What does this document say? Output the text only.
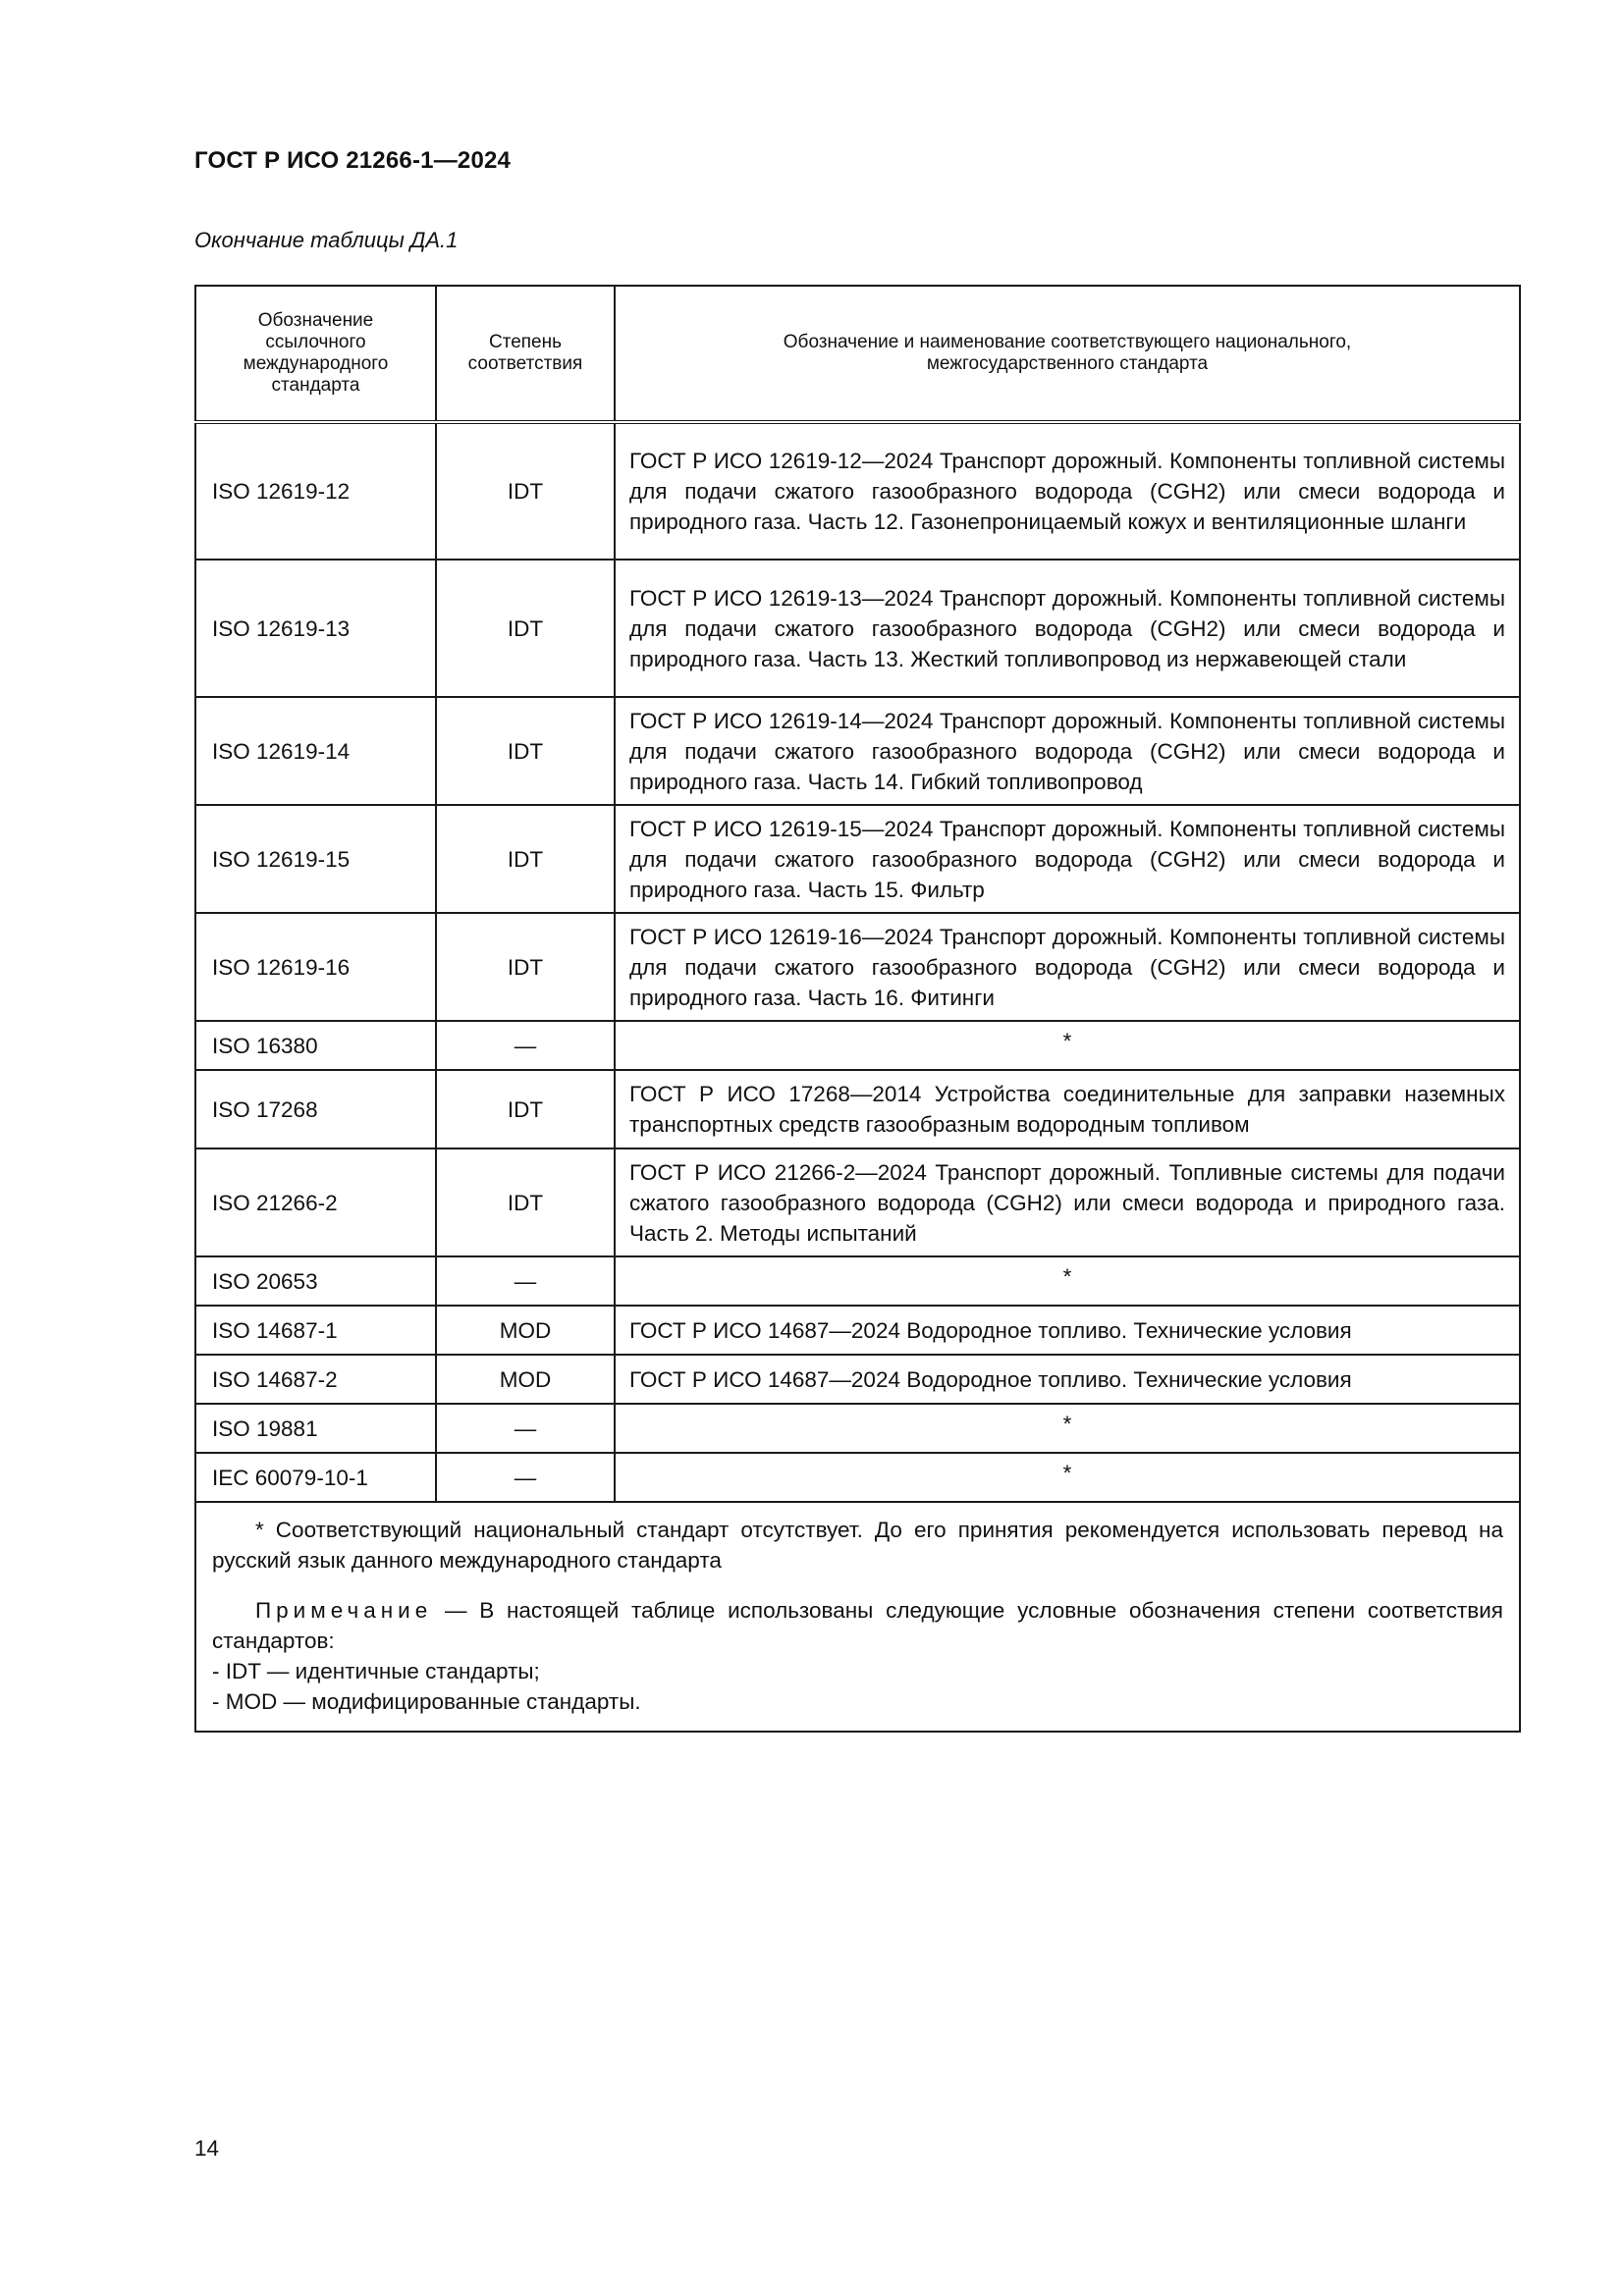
ГОСТ Р ИСО 21266-1—2024
Окончание таблицы ДА.1
Обозначение ссылочного международного стандарта	Степень соответствия	Обозначение и наименование соответствующего национального, межгосударственного стандарта

ISO 12619-12	IDT	ГОСТ Р ИСО 12619-12—2024 Транспорт дорожный. Компоненты топливной системы для подачи сжатого газообразного водорода (CGH2) или смеси водорода и природного газа. Часть 12. Газонепроницаемый кожух и вентиляционные шланги
ISO 12619-13	IDT	ГОСТ Р ИСО 12619-13—2024 Транспорт дорожный. Компоненты топливной системы для подачи сжатого газообразного водорода (CGH2) или смеси водорода и природного газа. Часть 13. Жесткий топливопровод из нержавеющей стали
ISO 12619-14	IDT	ГОСТ Р ИСО 12619-14—2024 Транспорт дорожный. Компоненты топливной системы для подачи сжатого газообразного водорода (CGH2) или смеси водорода и природного газа. Часть 14. Гибкий топливопровод
ISO 12619-15	IDT	ГОСТ Р ИСО 12619-15—2024 Транспорт дорожный. Компоненты топливной системы для подачи сжатого газообразного водорода (CGH2) или смеси водорода и природного газа. Часть 15. Фильтр
ISO 12619-16	IDT	ГОСТ Р ИСО 12619-16—2024 Транспорт дорожный. Компоненты топливной системы для подачи сжатого газообразного водорода (CGH2) или смеси водорода и природного газа. Часть 16. Фитинги
ISO 16380	—	*
ISO 17268	IDT	ГОСТ Р ИСО 17268—2014 Устройства соединительные для заправки наземных транспортных средств газообразным водородным топливом
ISO 21266-2	IDT	ГОСТ Р ИСО 21266-2—2024 Транспорт дорожный. Топливные системы для подачи сжатого газообразного водорода (CGH2) или смеси водорода и природного газа. Часть 2. Методы испытаний
ISO 20653	—	*
ISO 14687-1	MOD	ГОСТ Р ИСО 14687—2024 Водородное топливо. Технические условия
ISO 14687-2	MOD	ГОСТ Р ИСО 14687—2024 Водородное топливо. Технические условия
ISO 19881	—	*
IEC 60079-10-1	—	*

* Соответствующий национальный стандарт отсутствует. До его принятия рекомендуется использовать перевод на русский язык данного международного стандарта

Примечание — В настоящей таблице использованы следующие условные обозначения степени соответствия стандартов:

- IDT — идентичные стандарты;

- MOD — модифицированные стандарты.		

14
